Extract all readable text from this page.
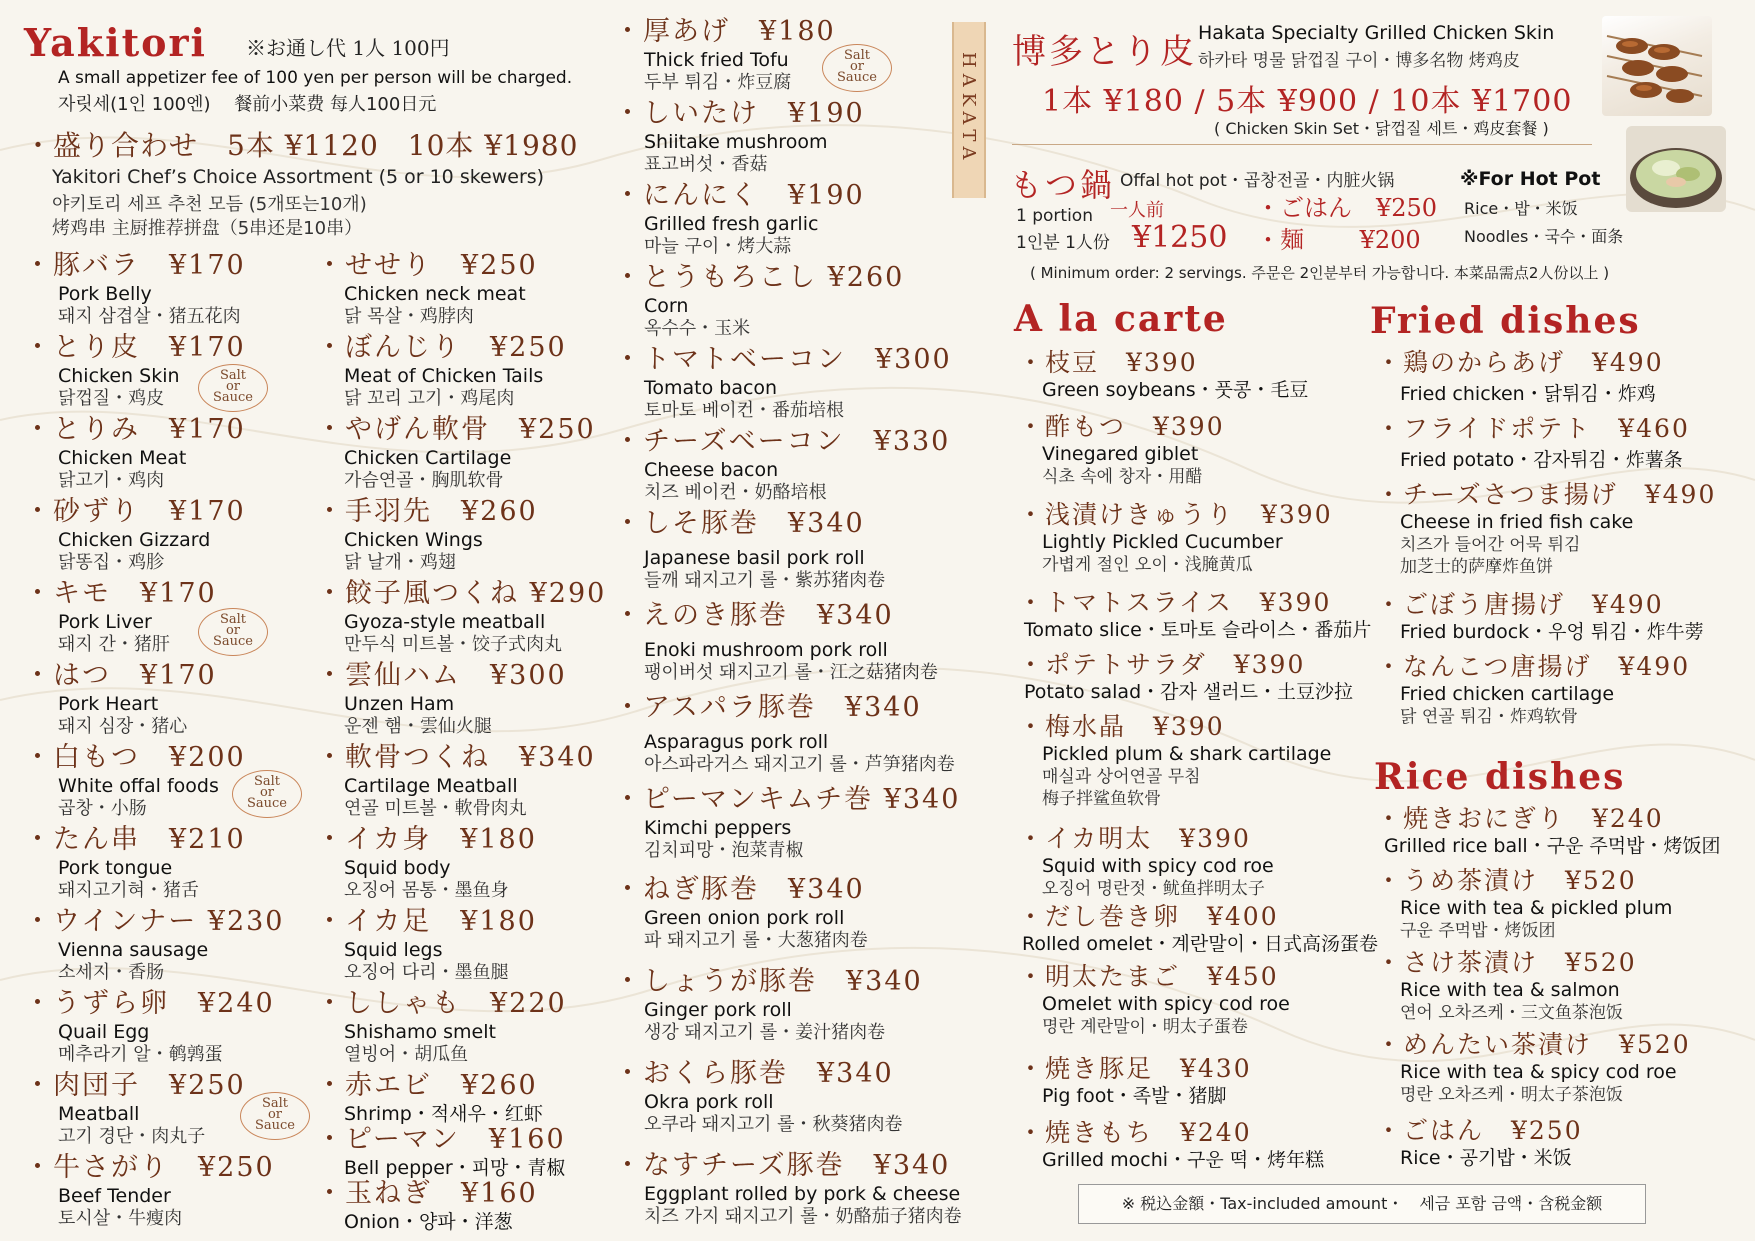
Yakitori ※お通し代 1人 100円
A small appetizer fee of 100 yen per person will be charged.
자릿세(1인 100엔)　 餐前小菜费 每人100日元
・盛り合わせ　5本 ¥1120　10本 ¥1980
Yakitori Chef’s Choice Assortment (5 or 10 skewers)
야키토리 세프 추천 모듬 (5개또는10개)
烤鸡串 主厨推荐拼盘（5串还是10串）
・豚バラ　¥170
Pork Belly
돼지 삼겹살・猪五花肉
・とり皮　¥170
Chicken Skin
닭껍질・鸡皮
・とりみ　¥170
Chicken Meat
닭고기・鸡肉
・砂ずり　¥170
Chicken Gizzard
닭똥집・鸡胗
・キモ　¥170
Pork Liver
돼지 간・猪肝
・はつ　¥170
Pork Heart
돼지 심장・猪心
・白もつ　¥200
White offal foods
곱창・小肠
・たん串　¥210
Pork tongue
돼지고기혀・猪舌
・ウインナー ¥230
Vienna sausage
소세지・香肠
・うずら卵　¥240
Quail Egg
메추라기 알・鹌鹑蛋
・肉団子　¥250
Meatball
고기 경단・肉丸子
・牛さがり　¥250
Beef Tender
토시살・牛瘦肉
Salt
or
Sauce
Salt
or
Sauce
Salt
or
Sauce
Salt
or
Sauce
・せせり　¥250
Chicken neck meat
닭 목살・鸡脖肉
・ぼんじり　¥250
Meat of Chicken Tails
닭 꼬리 고기・鸡尾肉
・やげん軟骨　¥250
Chicken Cartilage
가슴연골・胸肌软骨
・手羽先　¥260
Chicken Wings
닭 날개・鸡翅
・餃子風つくね ¥290
Gyoza-style meatball
만두식 미트볼・饺子式肉丸
・雲仙ハム　¥300
Unzen Ham
운젠 햄・雲仙火腿
・軟骨つくね　¥340
Cartilage Meatball
연골 미트볼・軟骨肉丸
・イカ身　¥180
Squid body
오징어 몸통・墨鱼身
・イカ足　¥180
Squid legs
오징어 다리・墨鱼腿
・ししゃも　¥220
Shishamo smelt
열빙어・胡瓜鱼
・赤エビ　¥260
Shrimp・적새우・红虾
・ピーマン　¥160
Bell pepper・피망・青椒
・玉ねぎ　¥160
Onion・양파・洋葱
・厚あげ　¥180
Thick fried Tofu
두부 튀김・炸豆腐
・しいたけ　¥190
Shiitake mushroom
표고버섯・香菇
・にんにく　¥190
Grilled fresh garlic
마늘 구이・烤大蒜
・とうもろこし ¥260
Corn
옥수수・玉米
・トマトベーコン　¥300
Tomato bacon
토마토 베이컨・番茄培根
・チーズベーコン　¥330
Cheese bacon
치즈 베이컨・奶酪培根
・しそ豚巻　¥340
Japanese basil pork roll
들깨 돼지고기 롤・紫苏猪肉卷
・えのき豚巻　¥340
Enoki mushroom pork roll
팽이버섯 돼지고기 롤・江之菇猪肉卷
・アスパラ豚巻　¥340
Asparagus pork roll
아스파라거스 돼지고기 롤・芦笋猪肉卷
・ピーマンキムチ巻 ¥340
Kimchi peppers
김치피망・泡菜青椒
・ねぎ豚巻　¥340
Green onion pork roll
파 돼지고기 롤・大葱猪肉卷
・しょうが豚巻　¥340
Ginger pork roll
생강 돼지고기 롤・姜汁猪肉卷
・おくら豚巻　¥340
Okra pork roll
오쿠라 돼지고기 롤・秋葵猪肉卷
・なすチーズ豚巻　¥340
Eggplant rolled by pork & cheese
치즈 가지 돼지고기 롤・奶酪茄子猪肉卷
Salt
or
Sauce	HAKATA 博多とり皮 Hakata Specialty Grilled Chicken Skin
하카타 명물 닭껍질 구이・博多名物 烤鸡皮
1本 ¥180 / 5本 ¥900 / 10本 ¥1700
( Chicken Skin Set・닭껍질 세트・鸡皮套餐 )
もつ鍋 Offal hot pot・곱창전골・内脏火锅
1 portion
1인분 1人份
一人前
¥1250
・ごはん　¥250
・麺　　 ¥200
※For Hot Pot
Rice・밥・米饭
Noodles・국수・面条
( Minimum order: 2 servings. 주문은 2인분부터 가능합니다. 本菜品需点2人份以上 )
A la carte
・枝豆　¥390
Green soybeans・풋콩・毛豆
・酢もつ　¥390
Vinegared giblet
식초 속에 창자・用醋
・浅漬けきゅうり　¥390
Lightly Pickled Cucumber
가볍게 절인 오이・浅腌黄瓜
・トマトスライス　¥390
Tomato slice・토마토 슬라이스・番茄片
・ポテトサラダ　¥390
Potato salad・감자 샐러드・土豆沙拉
・梅水晶　¥390
Pickled plum & shark cartilage
매실과 상어연골 무침
梅子拌鲨鱼软骨
・イカ明太　¥390
Squid with spicy cod roe
오징어 명란젓・鱿鱼拌明太子
・だし巻き卵　¥400
Rolled omelet・계란말이・日式高汤蛋卷
・明太たまご　¥450
Omelet with spicy cod roe
명란 계란말이・明太子蛋卷
・焼き豚足　¥430
Pig foot・족발・猪脚
・焼きもち　¥240
Grilled mochi・구운 떡・烤年糕
Fried dishes
・鶏のからあげ　¥490
Fried chicken・닭튀김・炸鸡
・フライドポテト　¥460
Fried potato・감자튀김・炸薯条
・チーズさつま揚げ　¥490
Cheese in fried fish cake
치즈가 들어간 어묵 튀김
加芝士的萨摩炸鱼饼
・ごぼう唐揚げ　¥490
Fried burdock・우엉 튀김・炸牛蒡
・なんこつ唐揚げ　¥490
Fried chicken cartilage
닭 연골 튀김・炸鸡软骨
Rice dishes
・焼きおにぎり　¥240
Grilled rice ball・구운 주먹밥・烤饭团
・うめ茶漬け　¥520
Rice with tea & pickled plum
구운 주먹밥・烤饭团
・さけ茶漬け　¥520
Rice with tea & salmon
연어 오차즈케・三文鱼茶泡饭
・めんたい茶漬け　¥520
Rice with tea & spicy cod roe
명란 오차즈케・明太子茶泡饭
・ごはん　¥250
Rice・공기밥・米饭
※ 税込金額・Tax-included amount・　세금 포함 금액・含税金额
